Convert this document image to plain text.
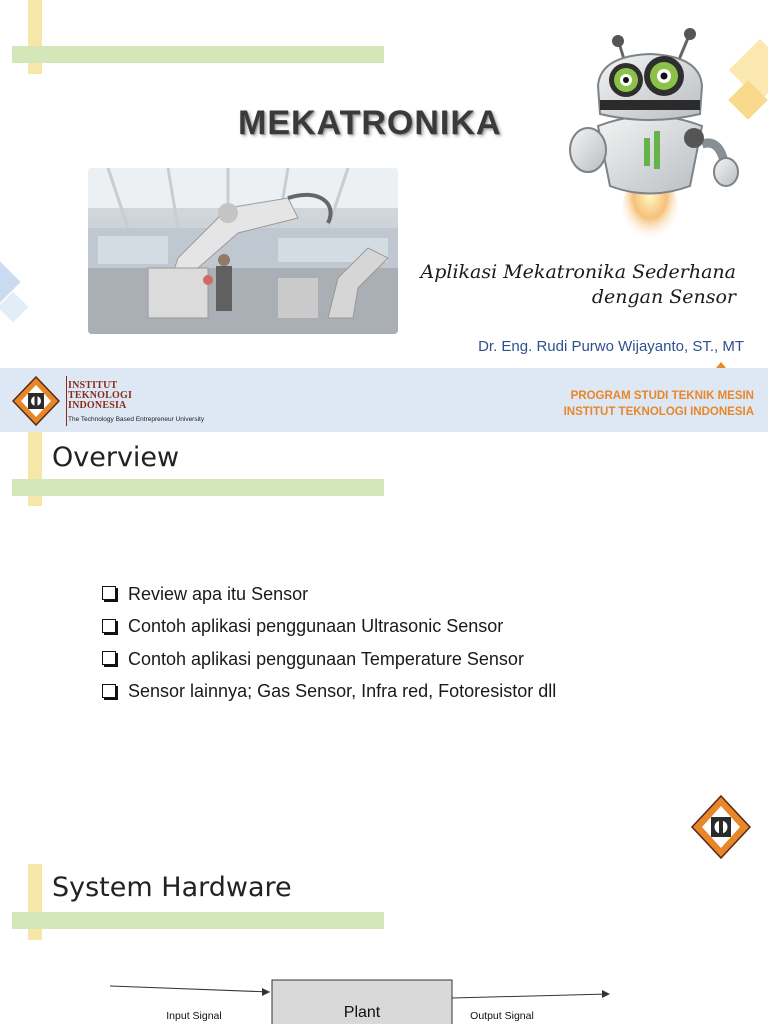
MEKATRONIKA
Aplikasi Mekatronika Sederhana
dengan Sensor
Dr. Eng. Rudi Purwo Wijayanto, ST., MT
INSTITUT
TEKNOLOGI
INDONESIA
The Technology Based Entrepreneur University
PROGRAM STUDI TEKNIK MESIN
INSTITUT TEKNOLOGI INDONESIA
Overview
Review apa itu Sensor
Contoh aplikasi penggunaan Ultrasonic Sensor
Contoh aplikasi penggunaan Temperature Sensor
Sensor lainnya; Gas Sensor, Infra red, Fotoresistor dll
System Hardware
Plant
Input Signal	Output Signal
